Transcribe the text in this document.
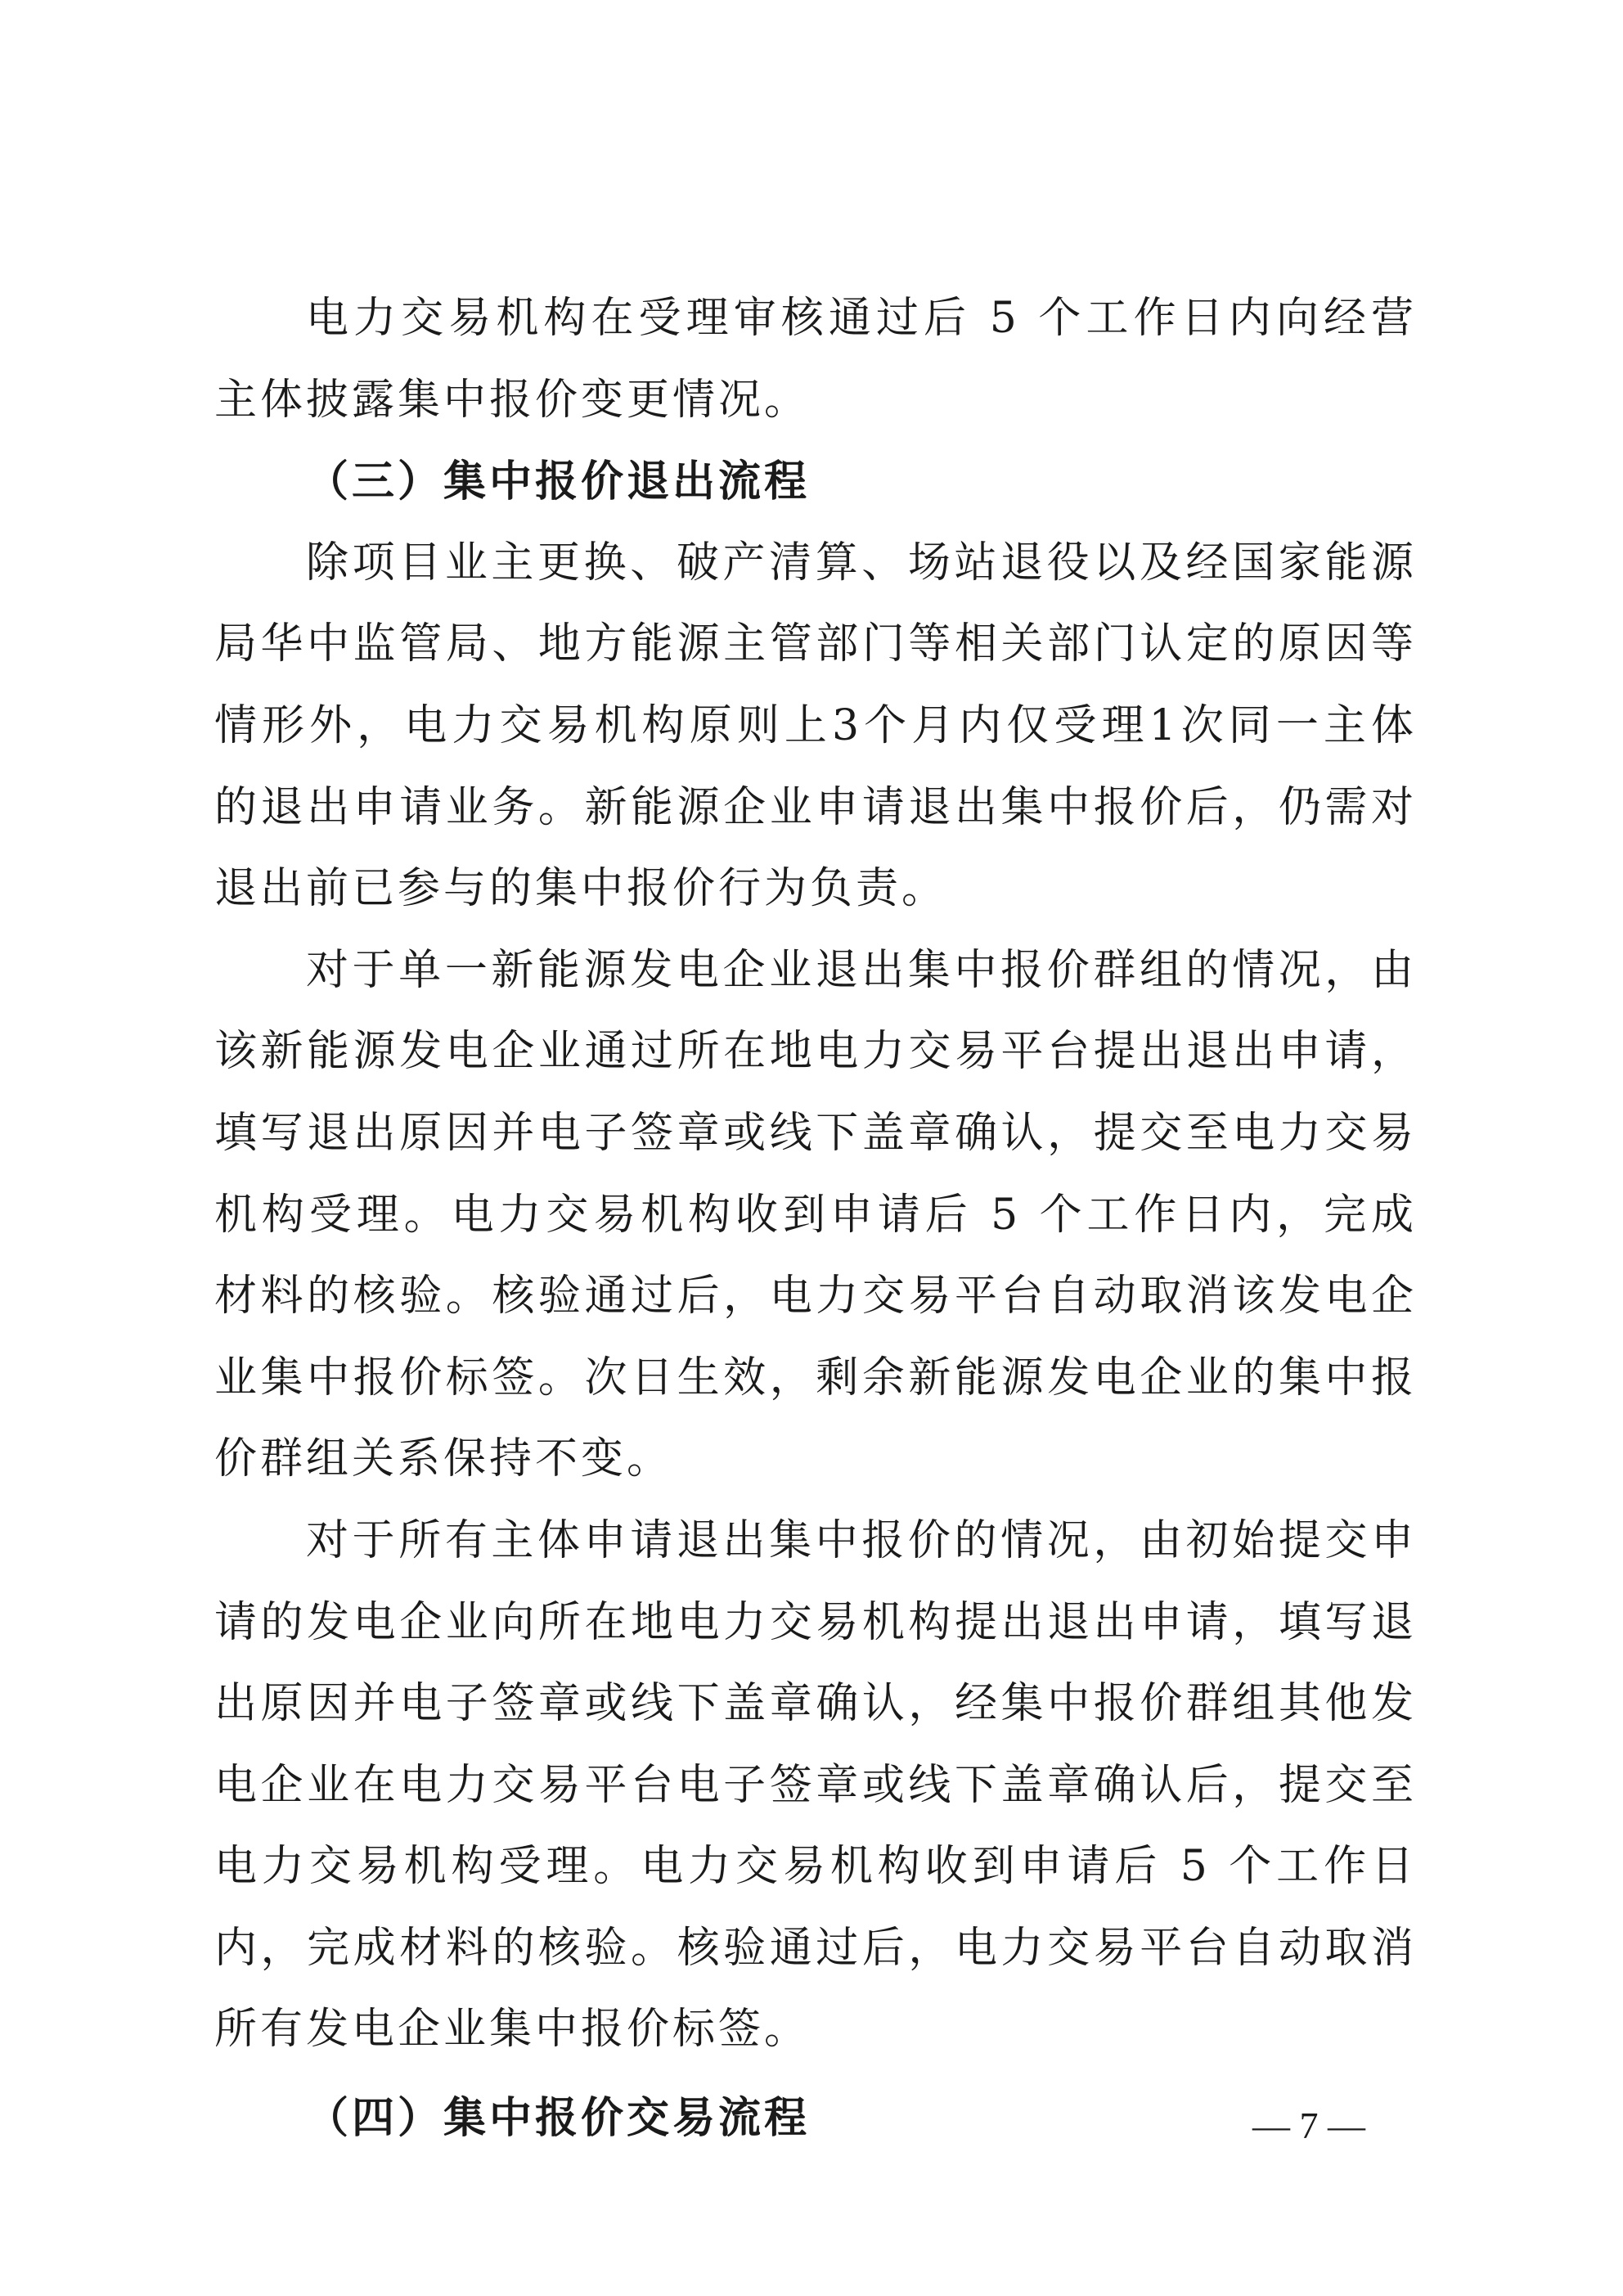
电力交易机构在受理审核通过后 5 个工作日内向经营主体披露集中报价变更情况。

（三）集中报价退出流程

除项目业主更换、破产清算、场站退役以及经国家能源局华中监管局、地方能源主管部门等相关部门认定的原因等情形外，电力交易机构原则上3个月内仅受理1次同一主体的退出申请业务。新能源企业申请退出集中报价后，仍需对退出前已参与的集中报价行为负责。

对于单一新能源发电企业退出集中报价群组的情况，由该新能源发电企业通过所在地电力交易平台提出退出申请，填写退出原因并电子签章或线下盖章确认，提交至电力交易机构受理。电力交易机构收到申请后 5 个工作日内，完成材料的核验。核验通过后，电力交易平台自动取消该发电企业集中报价标签。次日生效，剩余新能源发电企业的集中报价群组关系保持不变。

对于所有主体申请退出集中报价的情况，由初始提交申请的发电企业向所在地电力交易机构提出退出申请，填写退出原因并电子签章或线下盖章确认，经集中报价群组其他发电企业在电力交易平台电子签章或线下盖章确认后，提交至电力交易机构受理。电力交易机构收到申请后 5 个工作日内，完成材料的核验。核验通过后，电力交易平台自动取消所有发电企业集中报价标签。

（四）集中报价交易流程	— 7 —
